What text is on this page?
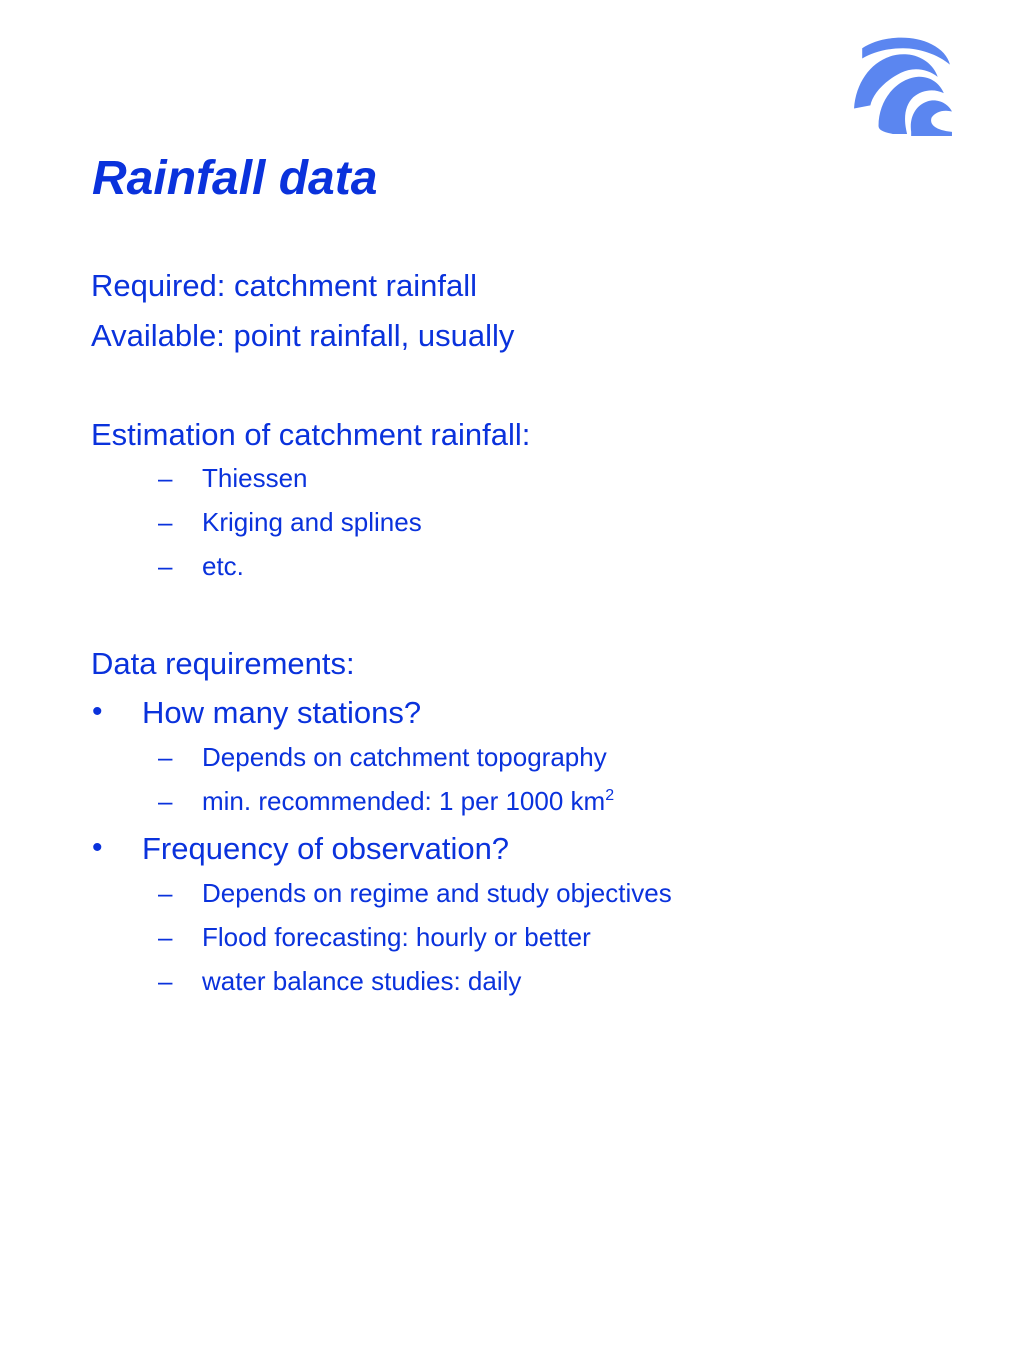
Rainfall data
Required: catchment rainfall
Available: point rainfall, usually
Estimation of catchment rainfall:
– Thiessen
– Kriging and splines
– etc.
Data requirements:
• How many stations?
– Depends on catchment topography
– min. recommended: 1 per 1000 $km^2$
• Frequency of observation?
– Depends on regime and study objectives
– Flood forecasting: hourly or better
– water balance studies: daily
